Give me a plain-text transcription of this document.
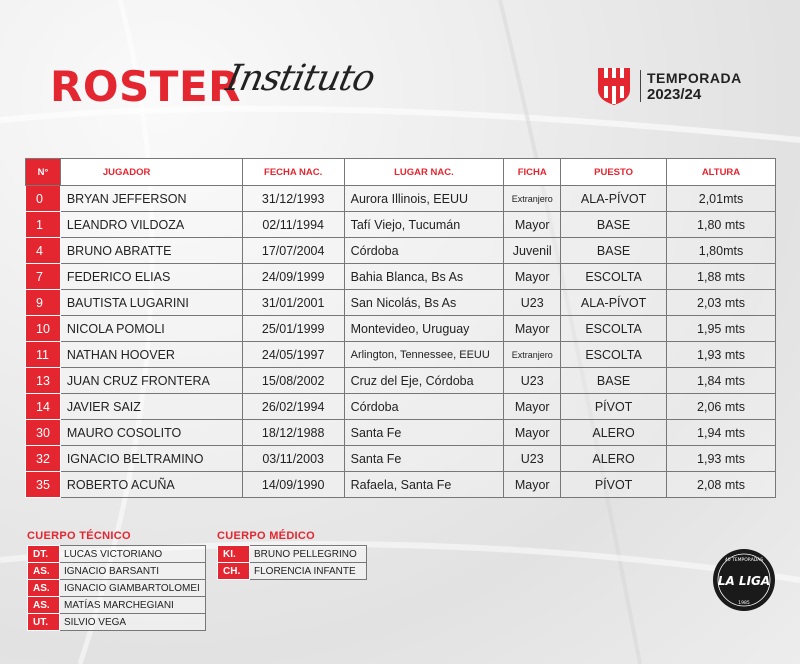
ROSTER
Instituto	TEMPORADA
2023/24
N°	JUGADOR	FECHA NAC.	LUGAR NAC.	FICHA	PUESTO	ALTURA
0	BRYAN JEFFERSON	31/12/1993	Aurora Illinois, EEUU	Extranjero	ALA-PÍVOT	2,01mts
1	LEANDRO VILDOZA	02/11/1994	Tafí Viejo, Tucumán	Mayor	BASE	1,80 mts
4	BRUNO ABRATTE	17/07/2004	Córdoba	Juvenil	BASE	1,80mts
7	FEDERICO ELIAS	24/09/1999	Bahia Blanca, Bs As	Mayor	ESCOLTA	1,88 mts
9	BAUTISTA LUGARINI	31/01/2001	San Nicolás, Bs As	U23	ALA-PÍVOT	2,03 mts
10	NICOLA POMOLI	25/01/1999	Montevideo, Uruguay	Mayor	ESCOLTA	1,95 mts
11	NATHAN HOOVER	24/05/1997	Arlington, Tennessee, EEUU	Extranjero	ESCOLTA	1,93 mts
13	JUAN CRUZ FRONTERA	15/08/2002	Cruz del Eje, Córdoba	U23	BASE	1,84 mts
14	JAVIER SAIZ	26/02/1994	Córdoba	Mayor	PÍVOT	2,06 mts
30	MAURO COSOLITO	18/12/1988	Santa Fe	Mayor	ALERO	1,94 mts
32	IGNACIO BELTRAMINO	03/11/2003	Santa Fe	U23	ALERO	1,93 mts
35	ROBERTO ACUÑA	14/09/1990	Rafaela, Santa Fe	Mayor	PÍVOT	2,08 mts
CUERPO TÉCNICO
DT.	LUCAS VICTORIANO
AS.	IGNACIO BARSANTI
AS.	IGNACIO GIAMBARTOLOMEI
AS.	MATÍAS MARCHEGIANI
UT.	SILVIO VEGA
CUERPO MÉDICO
KI.	BRUNO PELLEGRINO
CH.	FLORENCIA INFANTE
40 TEMPORADAS
LA LIGA
1985
